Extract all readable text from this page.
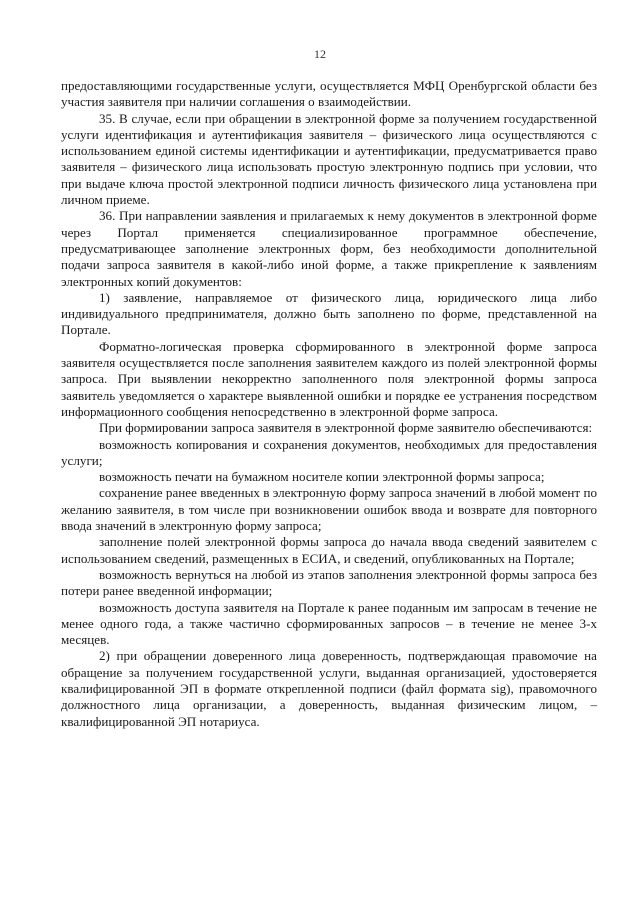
12

предоставляющими государственные услуги, осуществляется МФЦ Оренбургской области без участия заявителя при наличии соглашения о взаимодействии.

35. В случае, если при обращении в электронной форме за получением государственной услуги идентификация и аутентификация заявителя – физического лица осуществляются с использованием единой системы идентификации и аутентификации, предусматривается право заявителя – физического лица использовать простую электронную подпись при условии, что при выдаче ключа простой электронной подписи личность физического лица установлена при личном приеме.

36. При направлении заявления и прилагаемых к нему документов в электронной форме через Портал применяется специализированное программное обеспечение, предусматривающее заполнение электронных форм, без необходимости дополнительной подачи запроса заявителя в какой-либо иной форме, а также прикрепление к заявлениям электронных копий документов:

1) заявление, направляемое от физического лица, юридического лица либо индивидуального предпринимателя, должно быть заполнено по форме, представленной на Портале.

Форматно-логическая проверка сформированного в электронной форме запроса заявителя осуществляется после заполнения заявителем каждого из полей электронной формы запроса. При выявлении некорректно заполненного поля электронной формы запроса заявитель уведомляется о характере выявленной ошибки и порядке ее устранения посредством информационного сообщения непосредственно в электронной форме запроса.

При формировании запроса заявителя в электронной форме заявителю обеспечиваются:

возможность копирования и сохранения документов, необходимых для предоставления услуги;

возможность печати на бумажном носителе копии электронной формы запроса;

сохранение ранее введенных в электронную форму запроса значений в любой момент по желанию заявителя, в том числе при возникновении ошибок ввода и возврате для повторного ввода значений в электронную форму запроса;

заполнение полей электронной формы запроса до начала ввода сведений заявителем с использованием сведений, размещенных в ЕСИА, и сведений, опубликованных на Портале;

возможность вернуться на любой из этапов заполнения электронной формы запроса без потери ранее введенной информации;

возможность доступа заявителя на Портале к ранее поданным им запросам в течение не менее одного года, а также частично сформированных запросов – в течение не менее 3-х месяцев.

2) при обращении доверенного лица доверенность, подтверждающая правомочие на обращение за получением государственной услуги, выданная организацией, удостоверяется квалифицированной ЭП в формате открепленной подписи (файл формата sig), правомочного должностного лица организации, а доверенность, выданная физическим лицом, – квалифицированной ЭП нотариуса.
